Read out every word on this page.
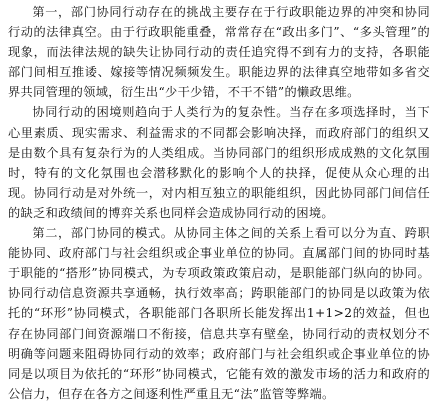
第一，部门协同行动存在的挑战主要存在于行政职能边界的冲突和协同行动的法律真空。由于行政职能重叠，常常存在“政出多门”、“多头管理”的现象，而法律法规的缺失让协同行动的责任追究得不到有力的支持，各职能部门间相互推诿、嫁接等情况频频发生。职能边界的法律真空地带如多省交界共同管理的领域，衍生出“少干少错，不干不错”的懒政思维。

协同行动的困境则趋向于人类行为的复杂性。当存在多项选择时，当下心里素质、现实需求、利益需求的不同都会影响决择，而政府部门的组织又是由数个具有复杂行为的人类组成。当协同部门的组织形成成熟的文化氛围时，特有的文化氛围也会潜移默化的影响个人的抉择，促使从众心理的出现。协同行动是对外统一，对内相互独立的职能组织，因此协同部门间信任的缺乏和政绩间的博弈关系也同样会造成协同行动的困境。

第二，部门协同的模式。从协同主体之间的关系上看可以分为直、跨职能协同、政府部门与社会组织或企事业单位的协同。直属部门间的协同时基于职能的“搭形”协同模式，为专项政策政策启动，是职能部门纵向的协同。协同行动信息资源共享通畅，执行效率高；跨职能部门的协同是以政策为依托的“环形”协同模式，各职能部门各职所长能发挥出1+1>2的效益，但也存在协同部门间资源端口不衔接，信息共享有壁垒，协同行动的责权划分不明确等问题来阻碍协同行动的效率；政府部门与社会组织或企事业单位的协同是以项目为依托的“环形”协同模式，它能有效的激发市场的活力和政府的公信力，但存在各方之间逐利性严重且无“法”监管等弊端。
